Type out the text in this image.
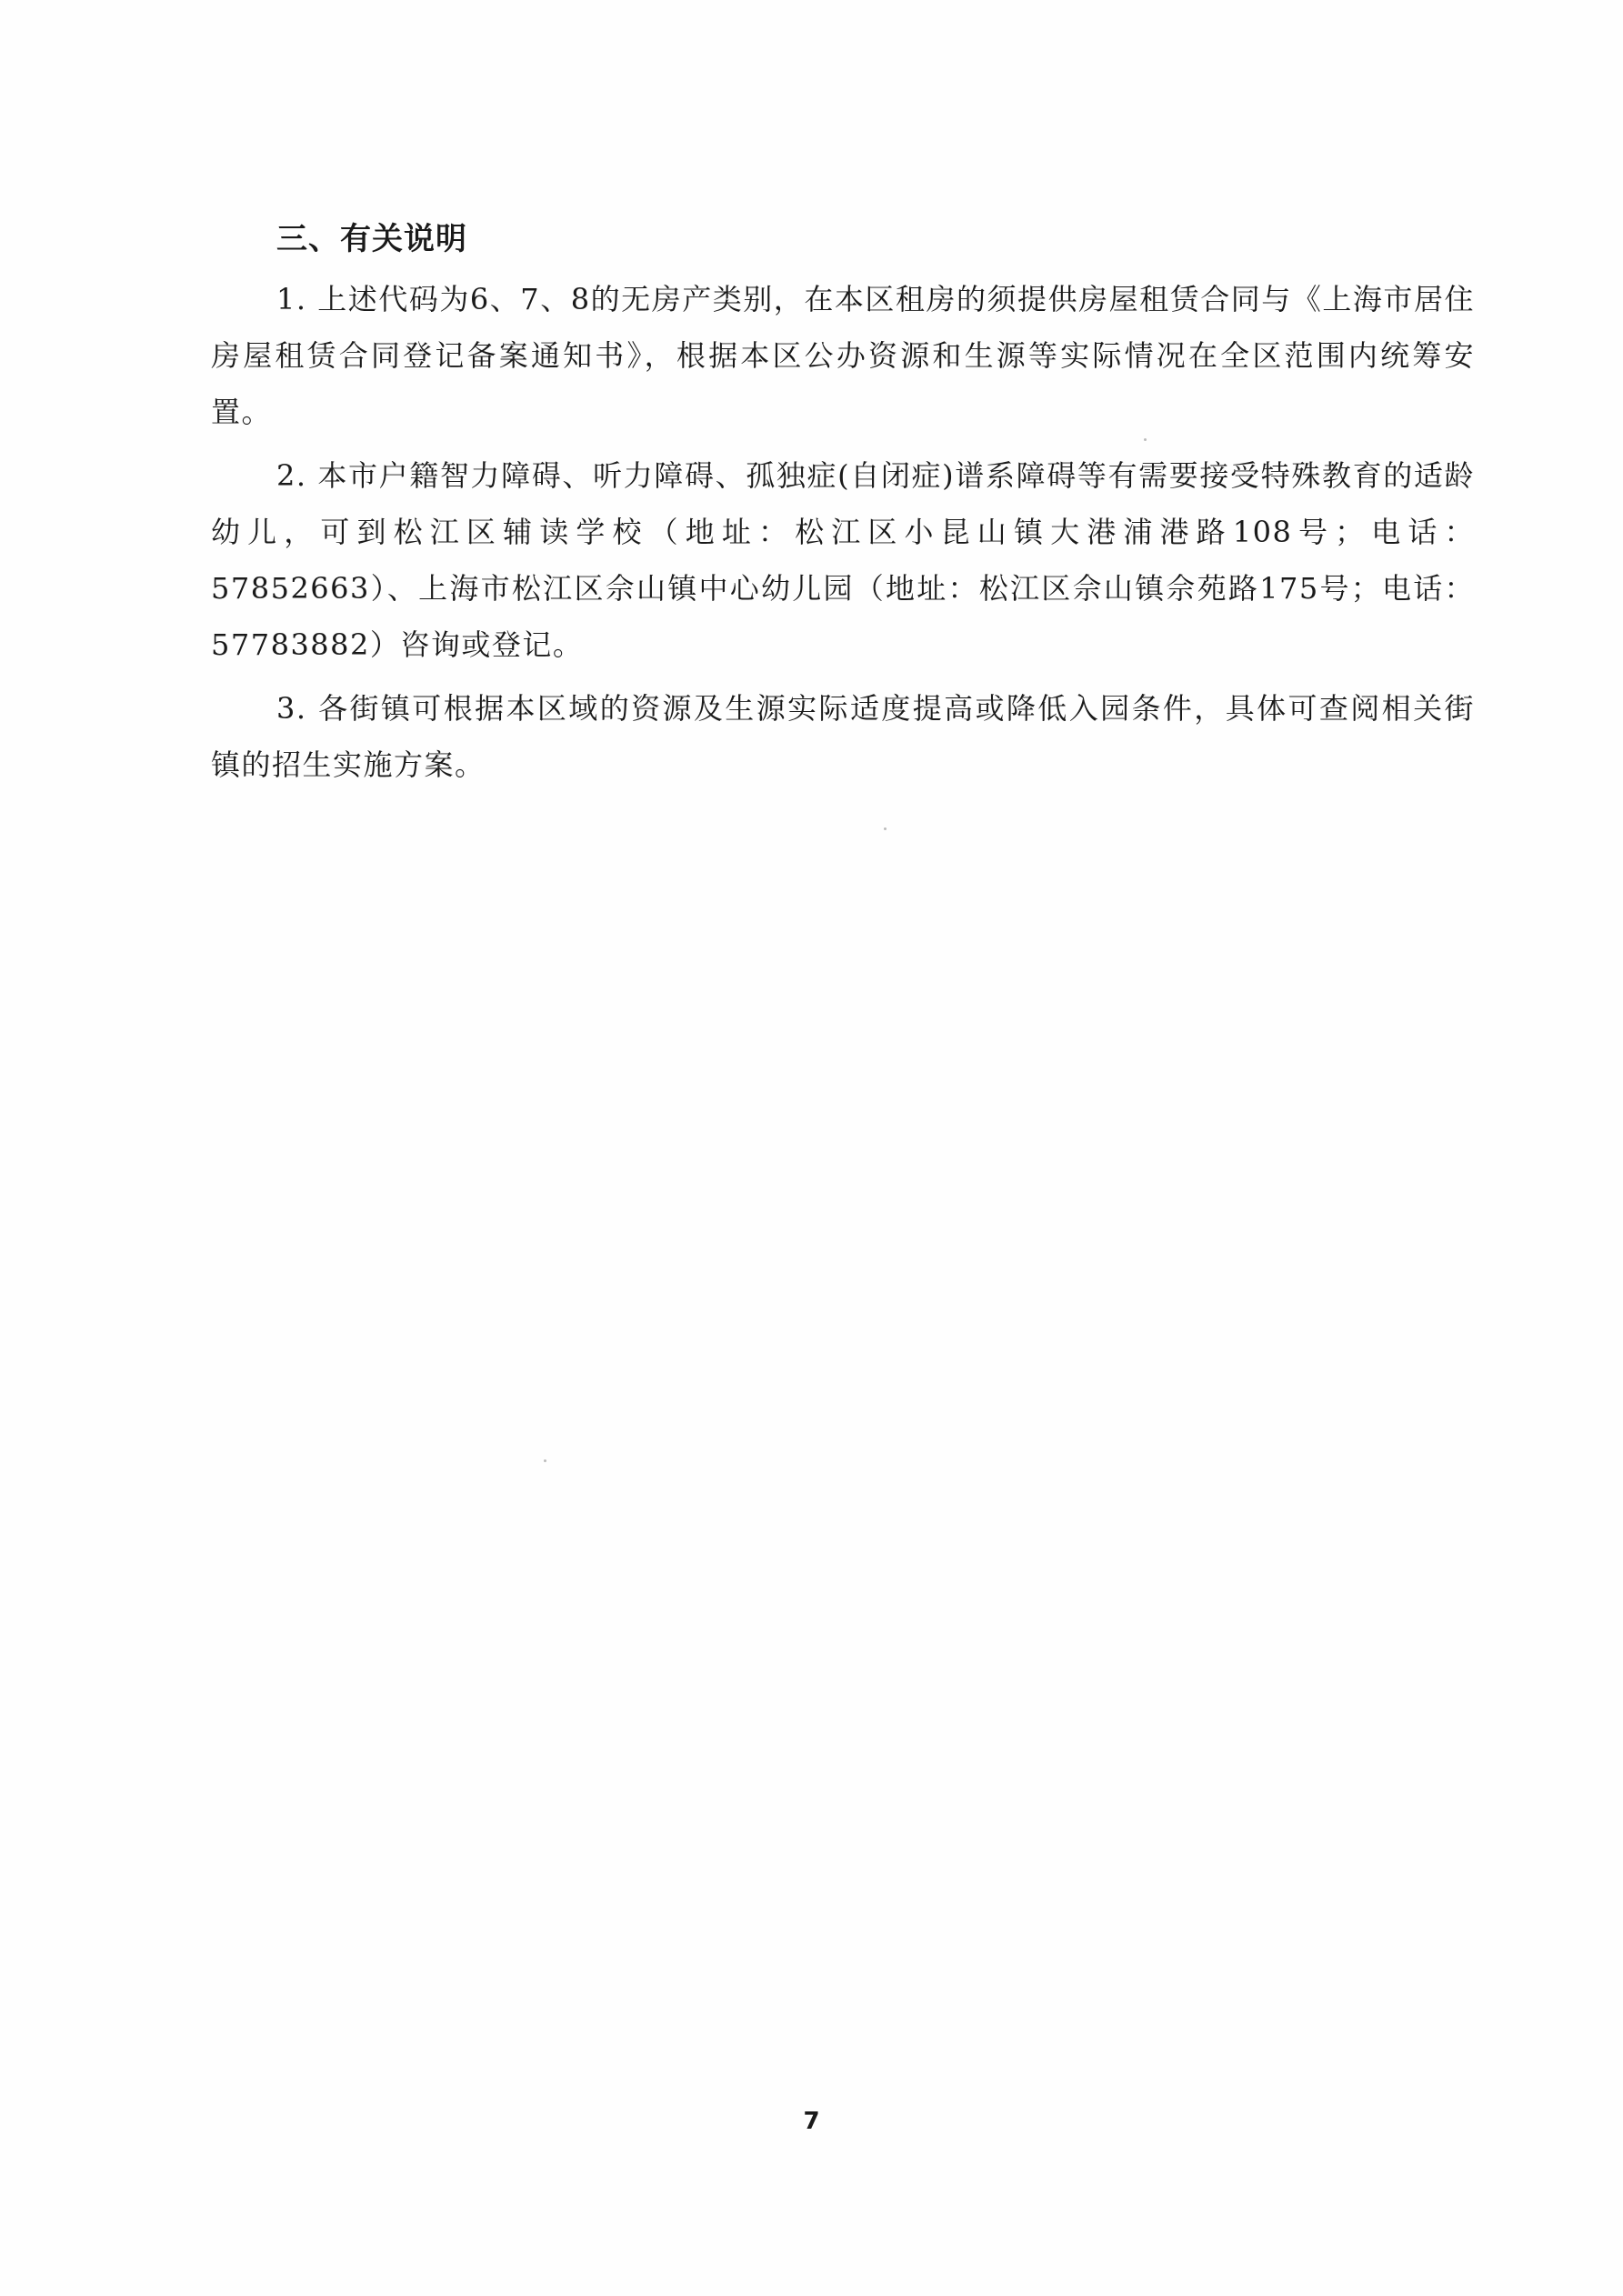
三、有关说明

1. 上述代码为6、7、8的无房产类别，在本区租房的须提供房屋租赁合同与《上海市居住房屋租赁合同登记备案通知书》，根据本区公办资源和生源等实际情况在全区范围内统筹安置。

2. 本市户籍智力障碍、听力障碍、孤独症(自闭症)谱系障碍等有需要接受特殊教育的适龄幼儿，可到松江区辅读学校（地址：松江区小昆山镇大港浦港路108号；电话：57852663）、上海市松江区佘山镇中心幼儿园（地址：松江区佘山镇佘苑路175号；电话：57783882）咨询或登记。

3. 各街镇可根据本区域的资源及生源实际适度提高或降低入园条件，具体可查阅相关街镇的招生实施方案。

7
